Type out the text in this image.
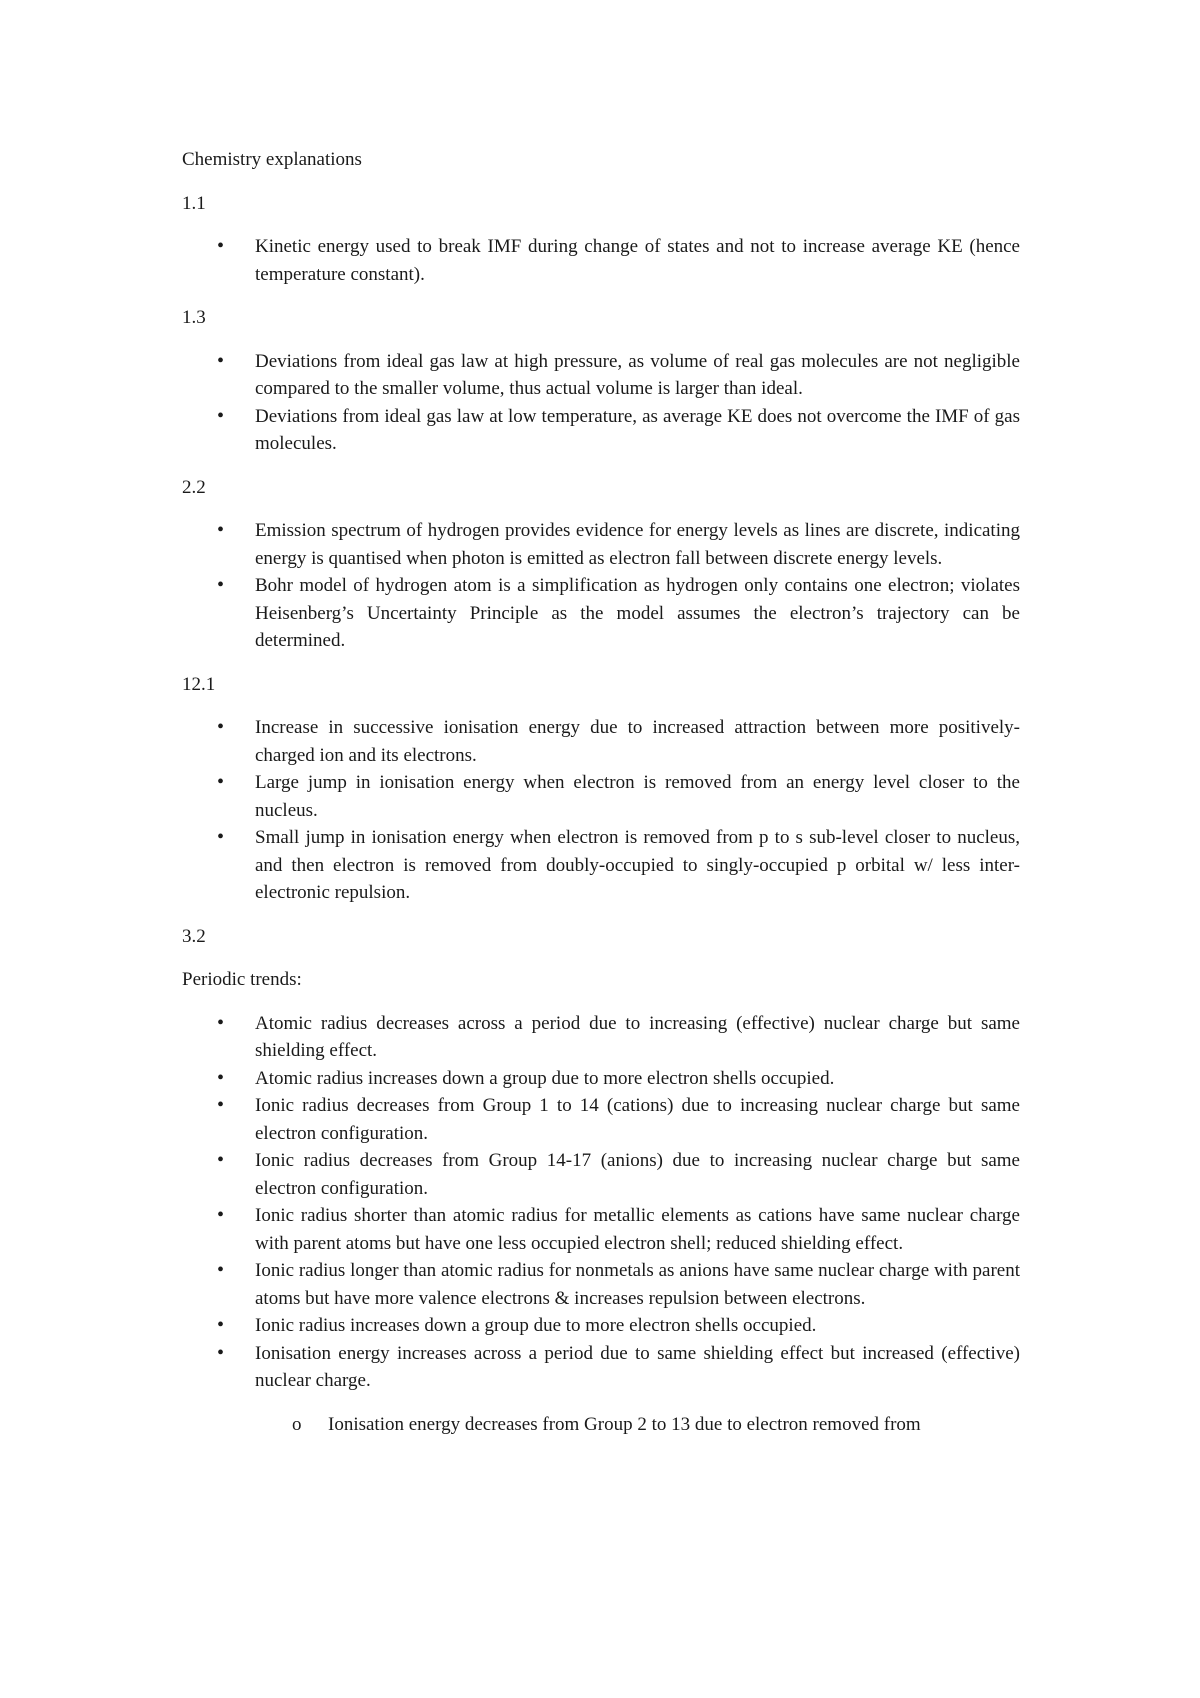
Chemistry explanations

1.1

• Kinetic energy used to break IMF during change of states and not to increase average KE (hence temperature constant).

1.3

• Deviations from ideal gas law at high pressure, as volume of real gas molecules are not negligible compared to the smaller volume, thus actual volume is larger than ideal.
• Deviations from ideal gas law at low temperature, as average KE does not overcome the IMF of gas molecules.

2.2

• Emission spectrum of hydrogen provides evidence for energy levels as lines are discrete, indicating energy is quantised when photon is emitted as electron fall between discrete energy levels.
• Bohr model of hydrogen atom is a simplification as hydrogen only contains one electron; violates Heisenberg’s Uncertainty Principle as the model assumes the electron’s trajectory can be determined.

12.1

• Increase in successive ionisation energy due to increased attraction between more positively-charged ion and its electrons.
• Large jump in ionisation energy when electron is removed from an energy level closer to the nucleus.
• Small jump in ionisation energy when electron is removed from p to s sub-level closer to nucleus, and then electron is removed from doubly-occupied to singly-occupied p orbital w/ less inter-electronic repulsion.

3.2

Periodic trends:

• Atomic radius decreases across a period due to increasing (effective) nuclear charge but same shielding effect.
• Atomic radius increases down a group due to more electron shells occupied.
• Ionic radius decreases from Group 1 to 14 (cations) due to increasing nuclear charge but same electron configuration.
• Ionic radius decreases from Group 14-17 (anions) due to increasing nuclear charge but same electron configuration.
• Ionic radius shorter than atomic radius for metallic elements as cations have same nuclear charge with parent atoms but have one less occupied electron shell; reduced shielding effect.
• Ionic radius longer than atomic radius for nonmetals as anions have same nuclear charge with parent atoms but have more valence electrons & increases repulsion between electrons.
• Ionic radius increases down a group due to more electron shells occupied.
• Ionisation energy increases across a period due to same shielding effect but increased (effective) nuclear charge.
o Ionisation energy decreases from Group 2 to 13 due to electron removed from
